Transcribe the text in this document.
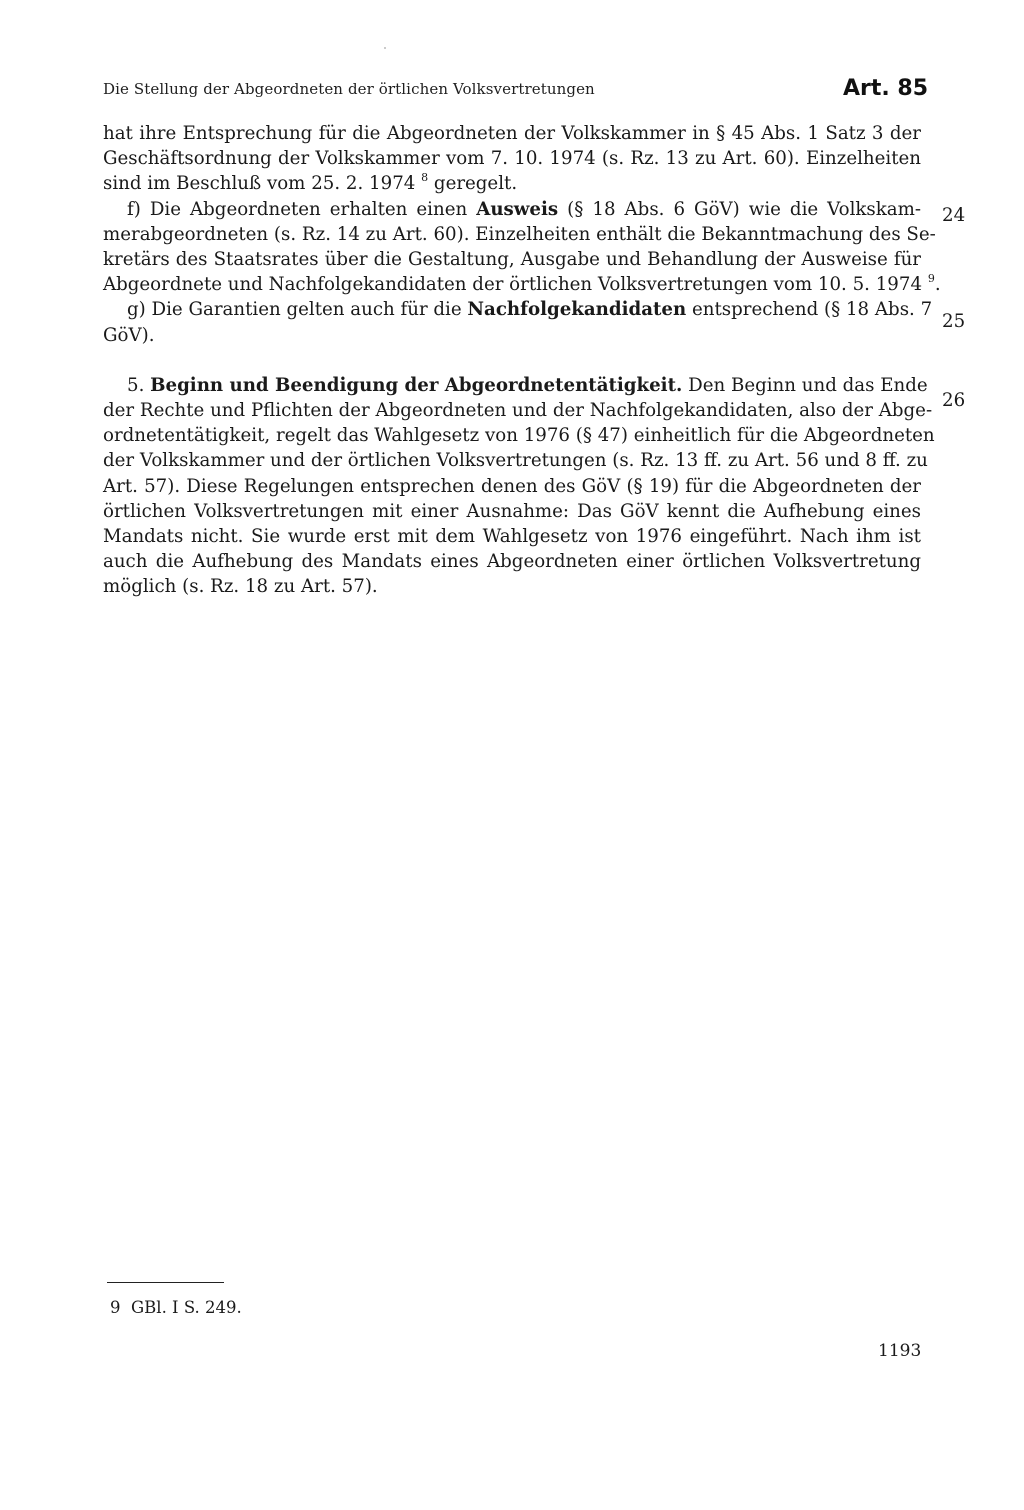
Die Stellung der Abgeordneten der örtlichen Volksvertretungen	Art. 85

hat ihre Entsprechung für die Abgeordneten der Volkskammer in § 45 Abs. 1 Satz 3 der
Geschäftsordnung der Volkskammer vom 7. 10. 1974 (s. Rz. 13 zu Art. 60). Einzelheiten
sind im Beschluß vom 25. 2. 1974 $^8$ geregelt.

f) Die Abgeordneten erhalten einen Ausweis (§ 18 Abs. 6 GöV) wie die Volkskam-
merabgeordneten (s. Rz. 14 zu Art. 60). Einzelheiten enthält die Bekanntmachung des Se-
kretärs des Staatsrates über die Gestaltung, Ausgabe und Behandlung der Ausweise für
Abgeordnete und Nachfolgekandidaten der örtlichen Volksvertretungen vom 10. 5. 1974 $^9$.

g) Die Garantien gelten auch für die Nachfolgekandidaten entsprechend (§ 18 Abs. 7
GöV).

5. Beginn und Beendigung der Abgeordnetentätigkeit. Den Beginn und das Ende
der Rechte und Pflichten der Abgeordneten und der Nachfolgekandidaten, also der Abge-
ordnetentätigkeit, regelt das Wahlgesetz von 1976 (§ 47) einheitlich für die Abgeordneten
der Volkskammer und der örtlichen Volksvertretungen (s. Rz. 13 ff. zu Art. 56 und 8 ff. zu
Art. 57). Diese Regelungen entsprechen denen des GöV (§ 19) für die Abgeordneten der
örtlichen Volksvertretungen mit einer Ausnahme: Das GöV kennt die Aufhebung eines
Mandats nicht. Sie wurde erst mit dem Wahlgesetz von 1976 eingeführt. Nach ihm ist
auch die Aufhebung des Mandats eines Abgeordneten einer örtlichen Volksvertretung
möglich (s. Rz. 18 zu Art. 57).

24
25
26
9  GBl. I S. 249.
1193
